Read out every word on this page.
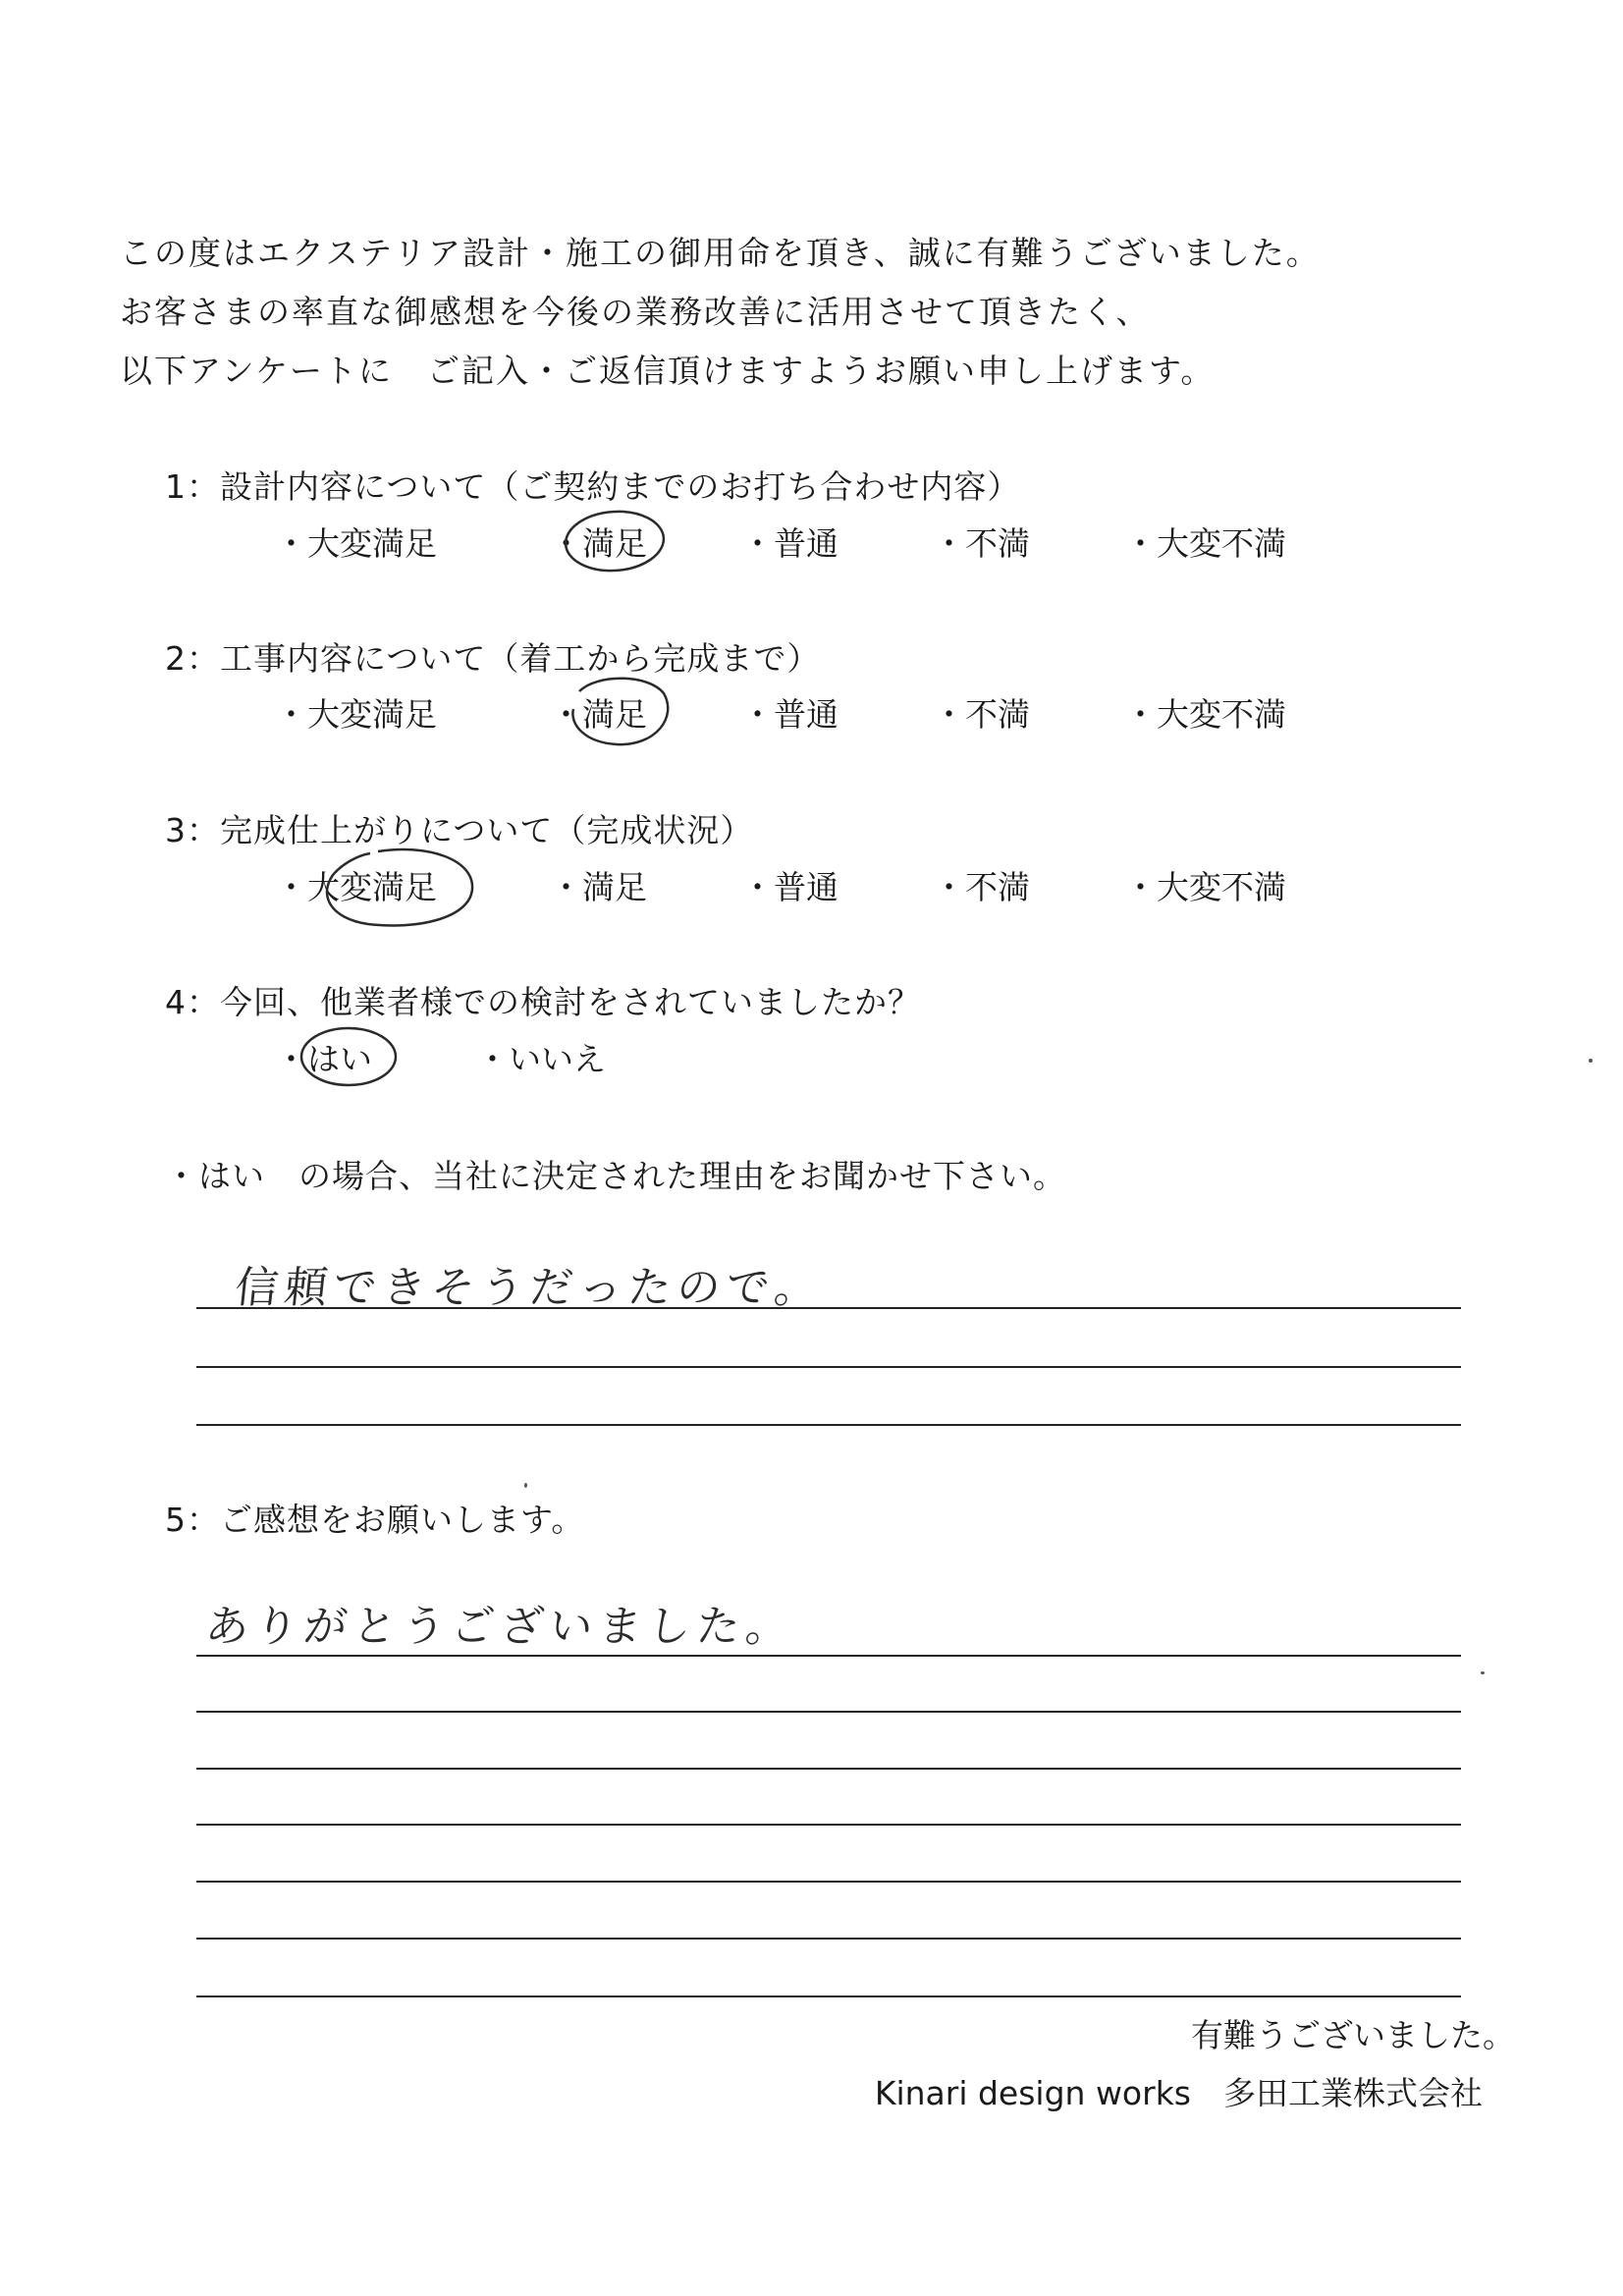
この度はエクステリア設計・施工の御用命を頂き、誠に有難うございました。
お客さまの率直な御感想を今後の業務改善に活用させて頂きたく、
以下アンケートに　ご記入・ご返信頂けますようお願い申し上げます。
1：設計内容について（ご契約までのお打ち合わせ内容）
・大変満足	・満足	・普通	・不満	・大変不満
2：工事内容について（着工から完成まで）
・大変満足	・満足	・普通	・不満	・大変不満
3：完成仕上がりについて（完成状況）
・大変満足	・満足	・普通	・不満	・大変不満
4：今回、他業者様での検討をされていましたか？
・はい	・いいえ
・はい　の場合、当社に決定された理由をお聞かせ下さい。
信頼できそうだったので。
5：ご感想をお願いします。
ありがとうございました。
有難うございました。
Kinari design works　多田工業株式会社
